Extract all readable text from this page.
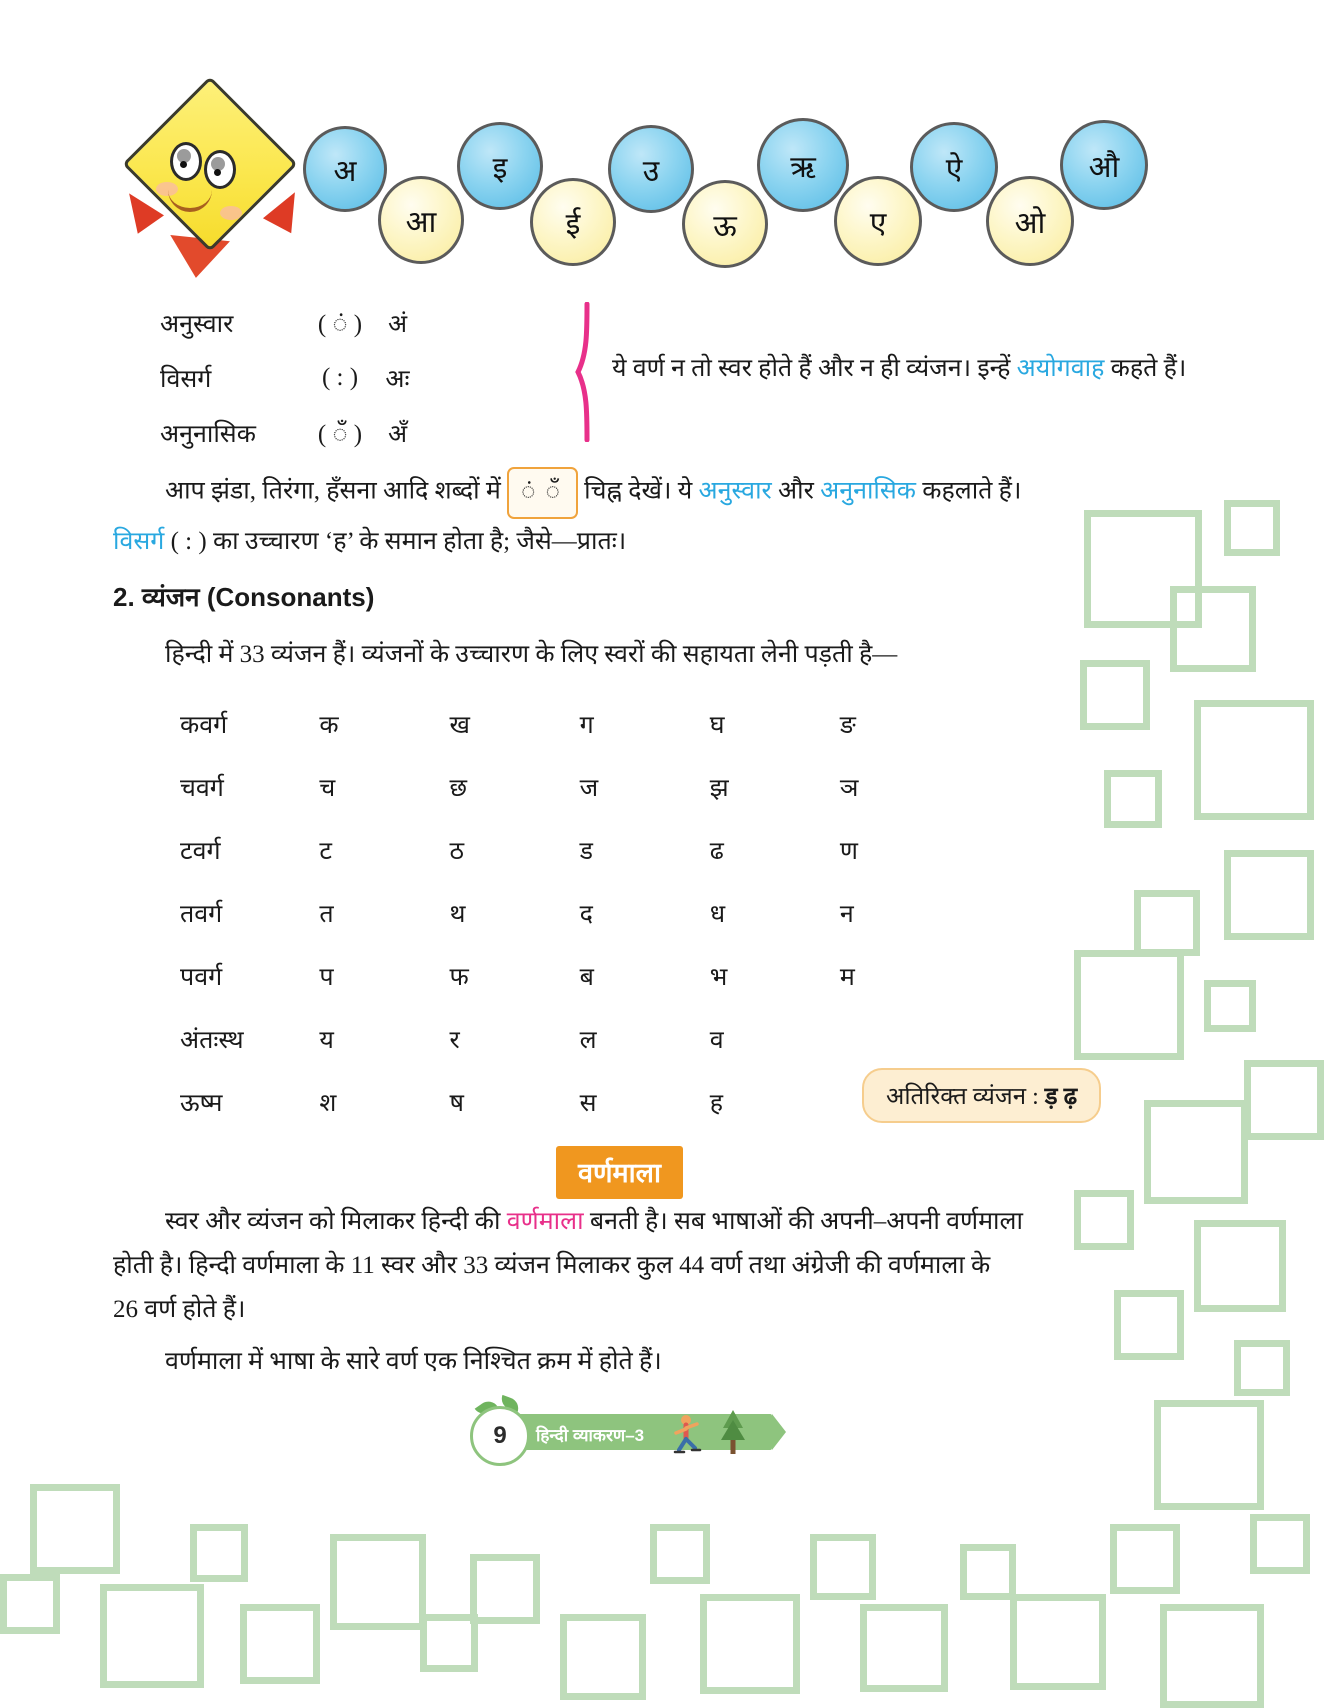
अ	इ	उ	ऋ	ऐ	औ
आ	ई	ऊ	ए	ओ
अनुस्वार	( ं )	अं
विसर्ग	( : )	अः
अनुनासिक	( ँ )	अँ
ये वर्ण न तो स्वर होते हैं और न ही व्यंजन। इन्हें अयोगवाह कहते हैं।
आप झंडा, तिरंगा, हँसना आदि शब्दों में ं ँ चिह्न देखें। ये अनुस्वार और अनुनासिक कहलाते हैं।
विसर्ग ( : ) का उच्चारण ‘ह’ के समान होता है; जैसे—प्रातः।
2. व्यंजन (Consonants)
हिन्दी में 33 व्यंजन हैं। व्यंजनों के उच्चारण के लिए स्वरों की सहायता लेनी पड़ती है—
कवर्ग	क	ख	ग	घ	ङ
चवर्ग	च	छ	ज	झ	ञ
टवर्ग	ट	ठ	ड	ढ	ण
तवर्ग	त	थ	द	ध	न
पवर्ग	प	फ	ब	भ	म
अंतःस्थ	य	र	ल	व
ऊष्म	श	ष	स	ह	अतिरिक्त व्यंजन : ड़ ढ़
वर्णमाला
स्वर और व्यंजन को मिलाकर हिन्दी की वर्णमाला बनती है। सब भाषाओं की अपनी–अपनी वर्णमाला
होती है। हिन्दी वर्णमाला के 11 स्वर और 33 व्यंजन मिलाकर कुल 44 वर्ण तथा अंग्रेजी की वर्णमाला के
26 वर्ण होते हैं।
वर्णमाला में भाषा के सारे वर्ण एक निश्चित क्रम में होते हैं।
9	हिन्दी व्याकरण–3
